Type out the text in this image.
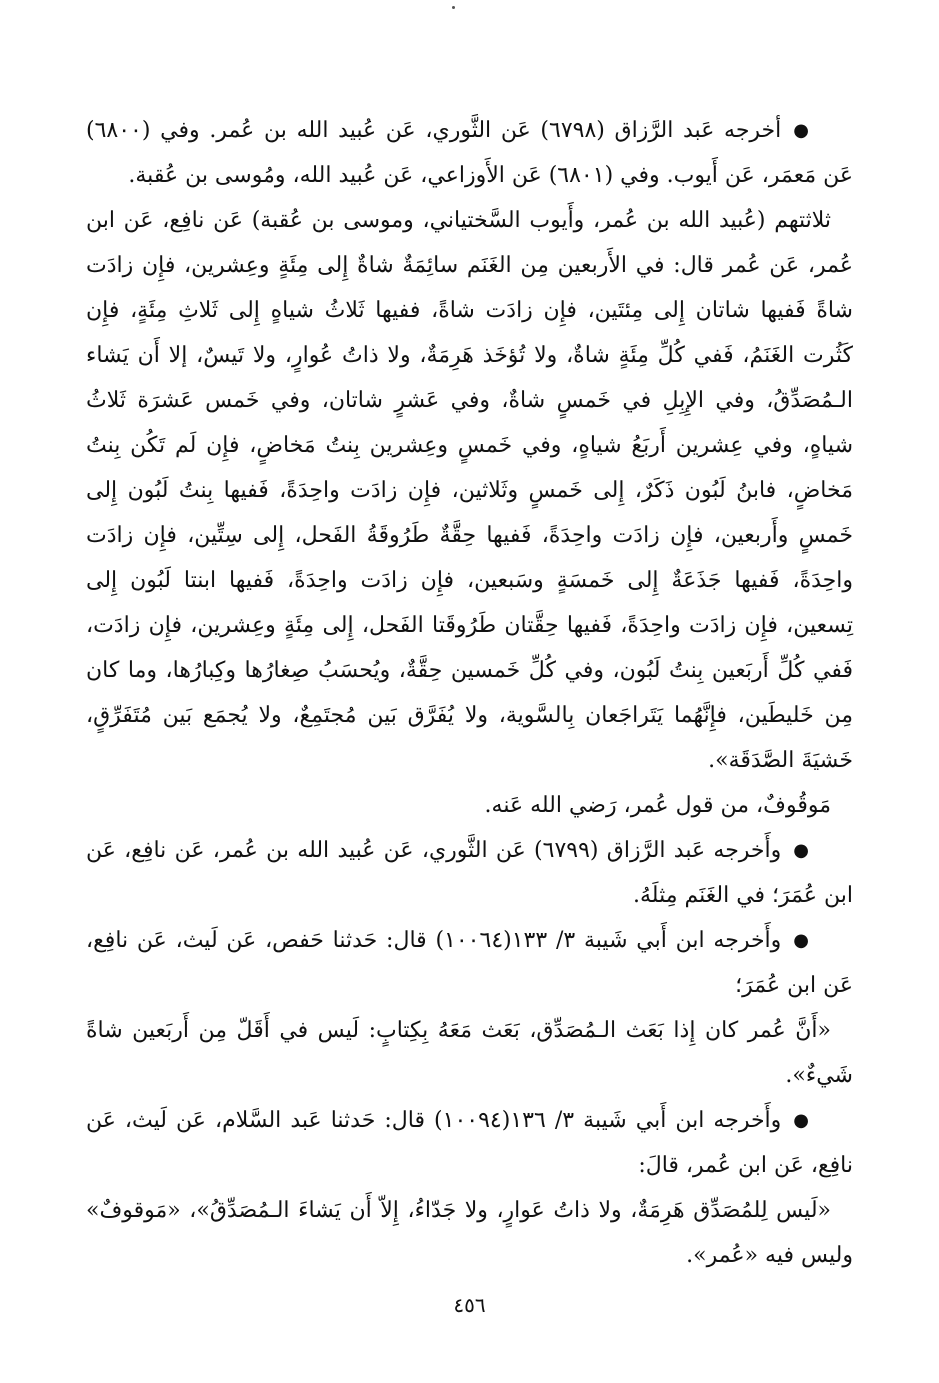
●أخرجه عَبد الرَّزاق (٦٧٩٨) عَن الثَّوري، عَن عُبيد الله بن عُمر. وفي (٦٨٠٠) عَن مَعمَر، عَن أَيوب. وفي (٦٨٠١) عَن الأَوزاعي، عَن عُبيد الله، ومُوسى بن عُقبة.

ثلاثتهم (عُبيد الله بن عُمر، وأَيوب السَّختياني، وموسى بن عُقبة) عَن نافِع، عَن ابن عُمر، عَن عُمر قال: في الأَربعين مِن الغَنَم سائِمَةٌ شاةٌ إِلى مِئَةٍ وعِشرين، فإِن زادَت شاةً فَفيها شاتان إِلى مِئتَين، فإِن زادَت شاةً، ففيها ثَلاثُ شياهٍ إِلى ثَلاثِ مِئَةٍ، فإِن كَثُرت الغَنَمُ، فَفي كُلِّ مِئَةٍ شاةٌ، ولا تُؤخَذ هَرِمَةٌ، ولا ذاتُ عُوارٍ، ولا تَيسٌ، إلا أَن يَشاء الـمُصَدِّقُ، وفي الإِبِلِ في خَمسٍ شاةٌ، وفي عَشرٍ شاتان، وفي خَمس عَشرَة ثَلاثُ شياهٍ، وفي عِشرين أَربَعُ شياهٍ، وفي خَمسٍ وعِشرين بِنتُ مَخاضٍ، فإِن لَم تَكُن بِنتُ مَخاضٍ، فابنُ لَبُون ذَكَرٌ، إِلى خَمسٍ وثَلاثين، فإِن زادَت واحِدَةً، فَفيها بِنتُ لَبُون إِلى خَمسٍ وأَربعين، فإِن زادَت واحِدَةً، فَفيها حِقَّةٌ طَرُوقَةُ الفَحل، إِلى سِتِّين، فإِن زادَت واحِدَةً، فَفيها جَذَعَةٌ إِلى خَمسَةٍ وسَبعين، فإِن زادَت واحِدَةً، فَفيها ابنتا لَبُون إِلى تِسعين، فإِن زادَت واحِدَةً، فَفيها حِقَّتان طَرُوقَتا الفَحل، إِلى مِئَةٍ وعِشرين، فإِن زادَت، فَفي كُلِّ أَربَعين بِنتُ لَبُون، وفي كُلِّ خَمسين حِقَّةٌ، ويُحسَبُ صِغارُها وكِبارُها، وما كان مِن خَليطَين، فإِنَّهُما يَتَراجَعان بِالسَّوية، ولا يُفَرَّق بَين مُجتَمِعٌ، ولا يُجمَع بَين مُتَفَرِّقٍ، خَشيَةَ الصَّدَقَة».

مَوقُوفٌ، من قول عُمر، رَضي الله عَنه.

●وأَخرجه عَبد الرَّزاق (٦٧٩٩) عَن الثَّوري، عَن عُبيد الله بن عُمر، عَن نافِع، عَن ابن عُمَرَ؛ في الغَنَم مِثلَهُ.

●وأَخرجه ابن أَبي شَيبة ٣/ ١٣٣(١٠٠٦٤) قال: حَدثنا حَفص، عَن لَيث، عَن نافِع، عَن ابن عُمَرَ؛

«أَنَّ عُمر كان إِذا بَعَث الـمُصَدِّق، بَعَث مَعَهُ بِكِتابٍ: لَيس في أَقَلّ مِن أَربَعين شاةً شَيءٌ».

●وأَخرجه ابن أَبي شَيبة ٣/ ١٣٦(١٠٠٩٤) قال: حَدثنا عَبد السَّلام، عَن لَيث، عَن نافِع، عَن ابن عُمر، قالَ:

«لَيس لِلمُصَدِّق هَرِمَةٌ، ولا ذاتُ عَوارٍ، ولا جَدّاءُ، إِلاّ أَن يَشاءَ الـمُصَدِّقُ»، «مَوقوفٌ» وليس فيه «عُمر».

٤٥٦
